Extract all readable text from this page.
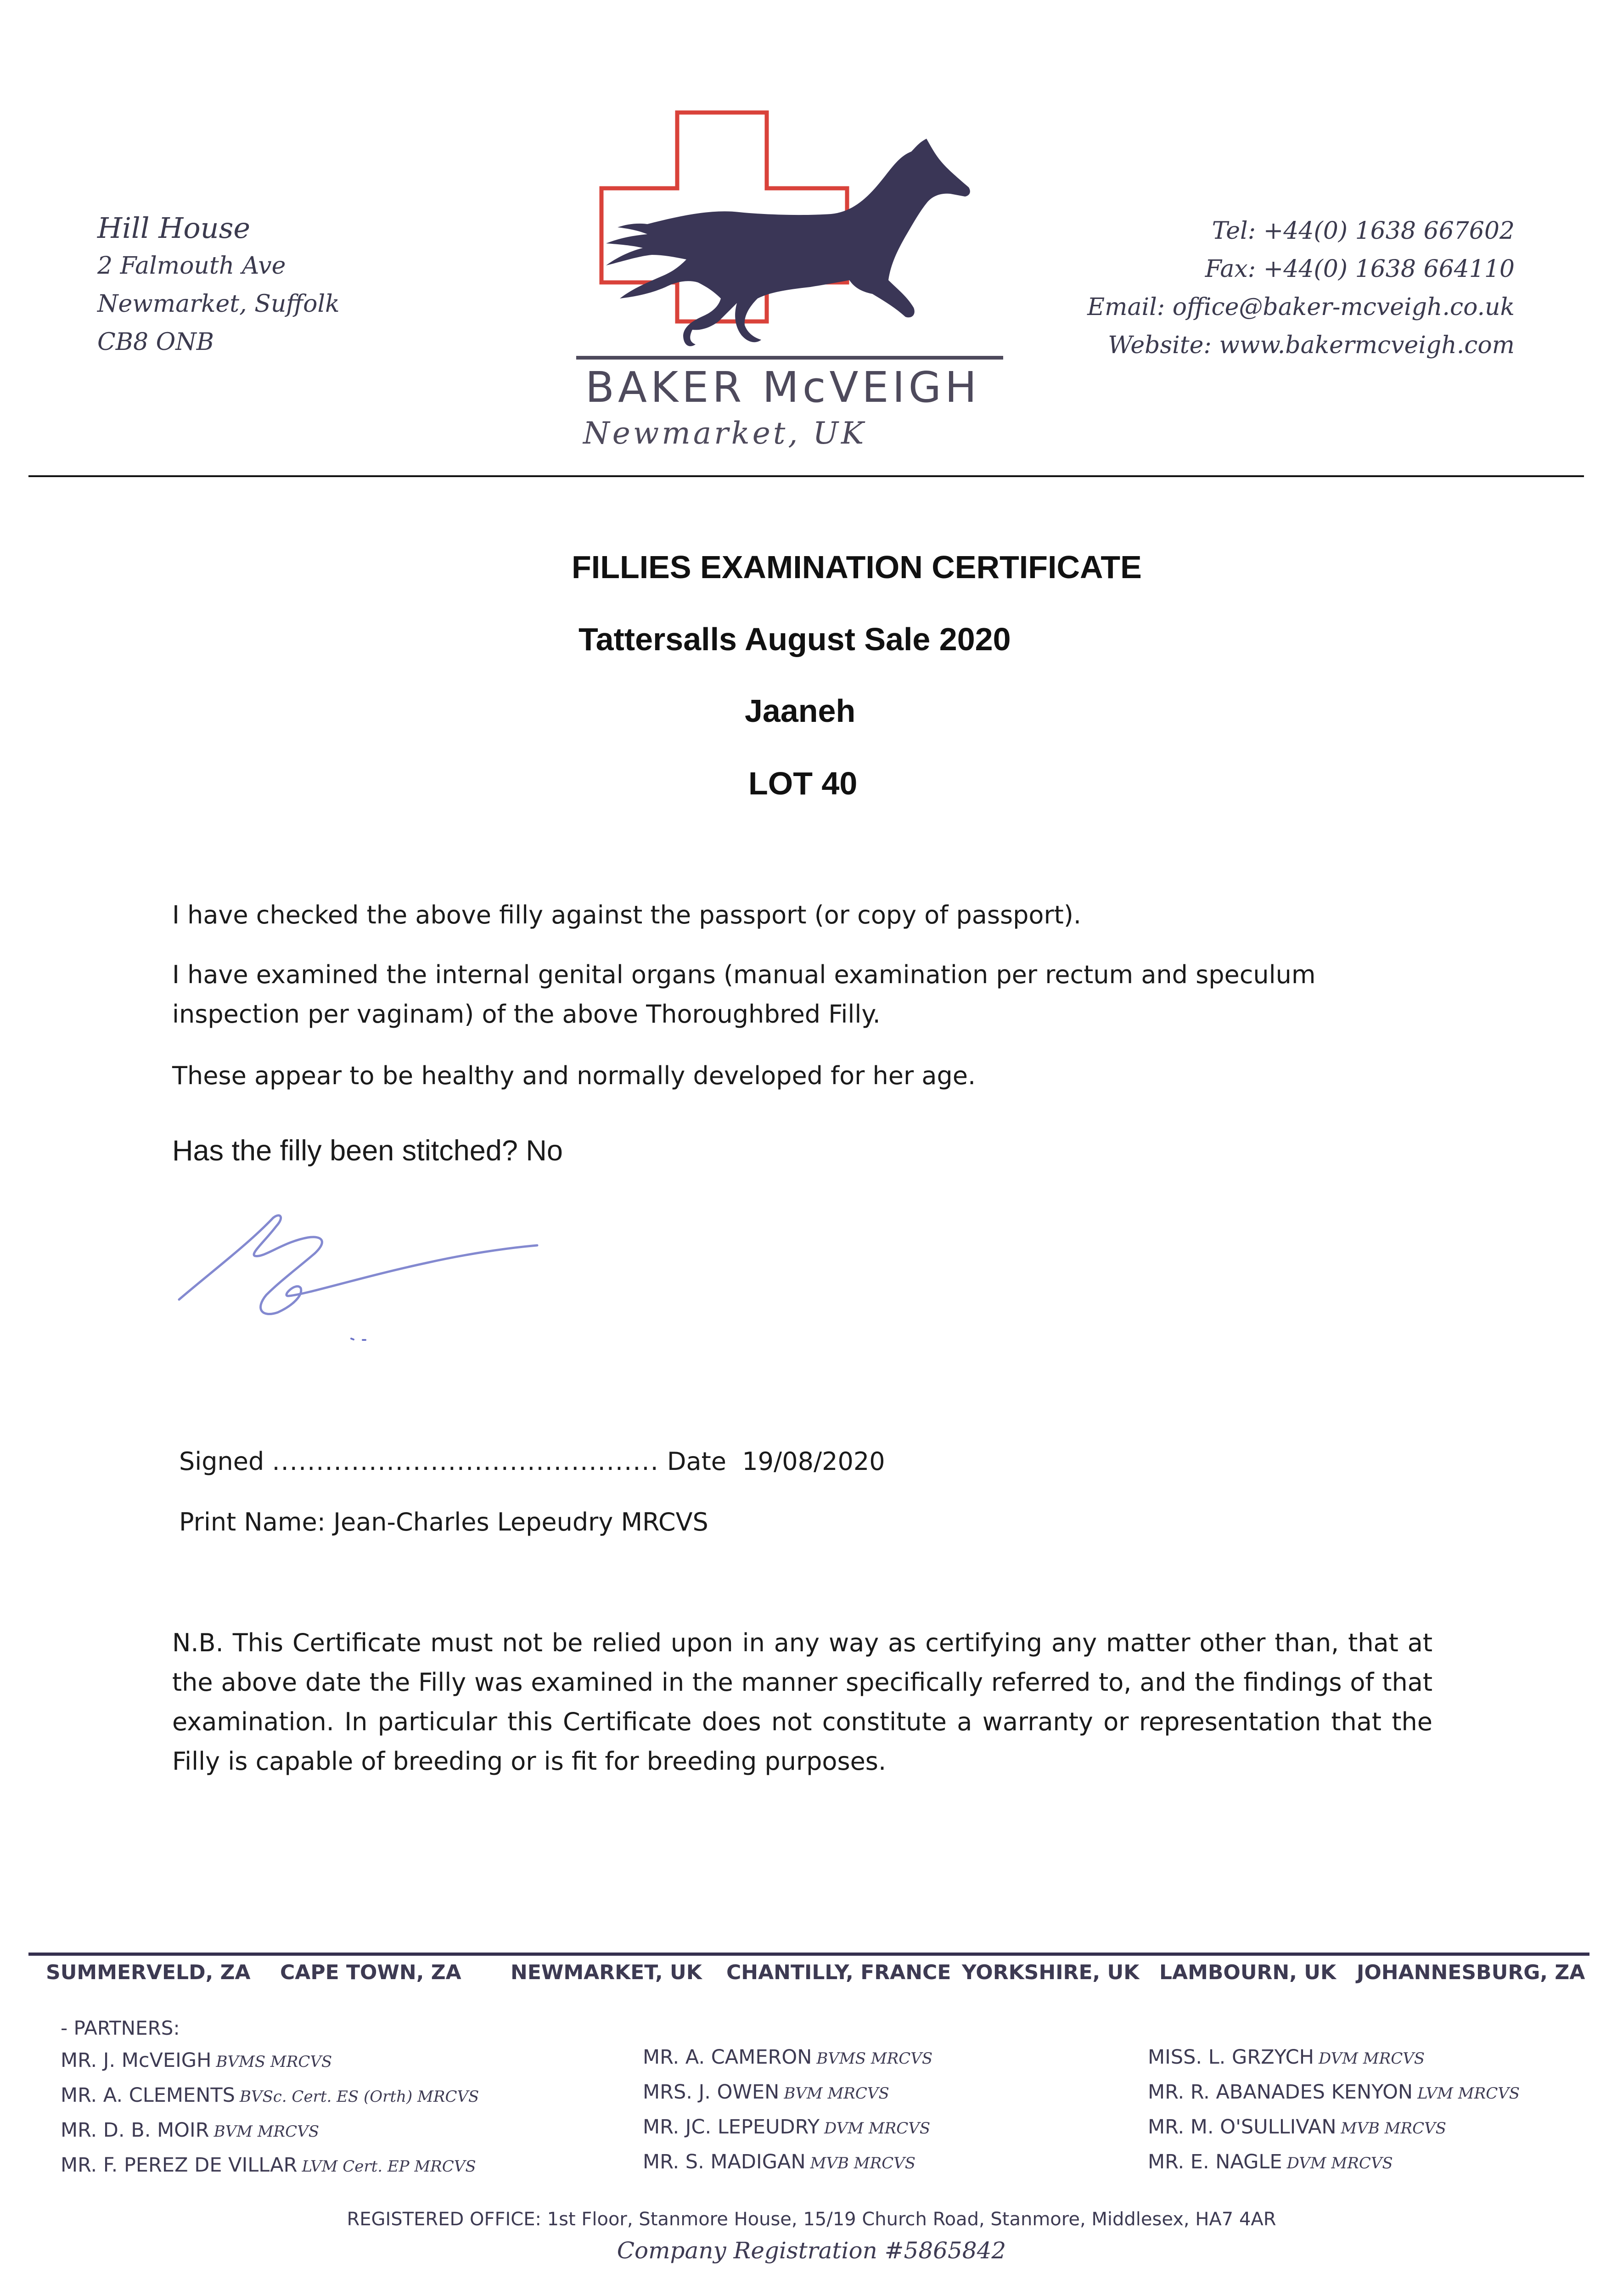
Hill House
2 Falmouth Ave
Newmarket, Suffolk
CB8 ONB
BAKER McVEIGH
Newmarket, UK
Tel: +44(0) 1638 667602
Fax: +44(0) 1638 664110
Email: office@baker-mcveigh.co.uk
Website: www.bakermcveigh.com
FILLIES EXAMINATION CERTIFICATE
Tattersalls August Sale 2020
Jaaneh
LOT 40
I have checked the above filly against the passport (or copy of passport).
I have examined the internal genital organs (manual examination per rectum and speculum inspection per vaginam) of the above Thoroughbred Filly.
These appear to be healthy and normally developed for her age.
Has the filly been stitched? No
Signed ............................................ Date 19/08/2020
Print Name: Jean-Charles Lepeudry MRCVS
N.B. This Certificate must not be relied upon in any way as certifying any matter other than, that at the above date the Filly was examined in the manner specifically referred to, and the findings of that examination. In particular this Certificate does not constitute a warranty or representation that the Filly is capable of breeding or is fit for breeding purposes.
SUMMERVELD, ZA CAPE TOWN, ZA NEWMARKET, UK CHANTILLY, FRANCE YORKSHIRE, UK LAMBOURN, UK JOHANNESBURG, ZA
- PARTNERS:
MR. J. McVEIGH BVMS MRCVS
MR. A. CLEMENTS BVSc. Cert. ES (Orth) MRCVS
MR. D. B. MOIR BVM MRCVS
MR. F. PEREZ DE VILLAR LVM Cert. EP MRCVS
MR. A. CAMERON BVMS MRCVS
MRS. J. OWEN BVM MRCVS
MR. JC. LEPEUDRY DVM MRCVS
MR. S. MADIGAN MVB MRCVS
MISS. L. GRZYCH DVM MRCVS
MR. R. ABANADES KENYON LVM MRCVS
MR. M. O'SULLIVAN MVB MRCVS
MR. E. NAGLE DVM MRCVS
REGISTERED OFFICE: 1st Floor, Stanmore House, 15/19 Church Road, Stanmore, Middlesex, HA7 4AR
Company Registration #5865842
